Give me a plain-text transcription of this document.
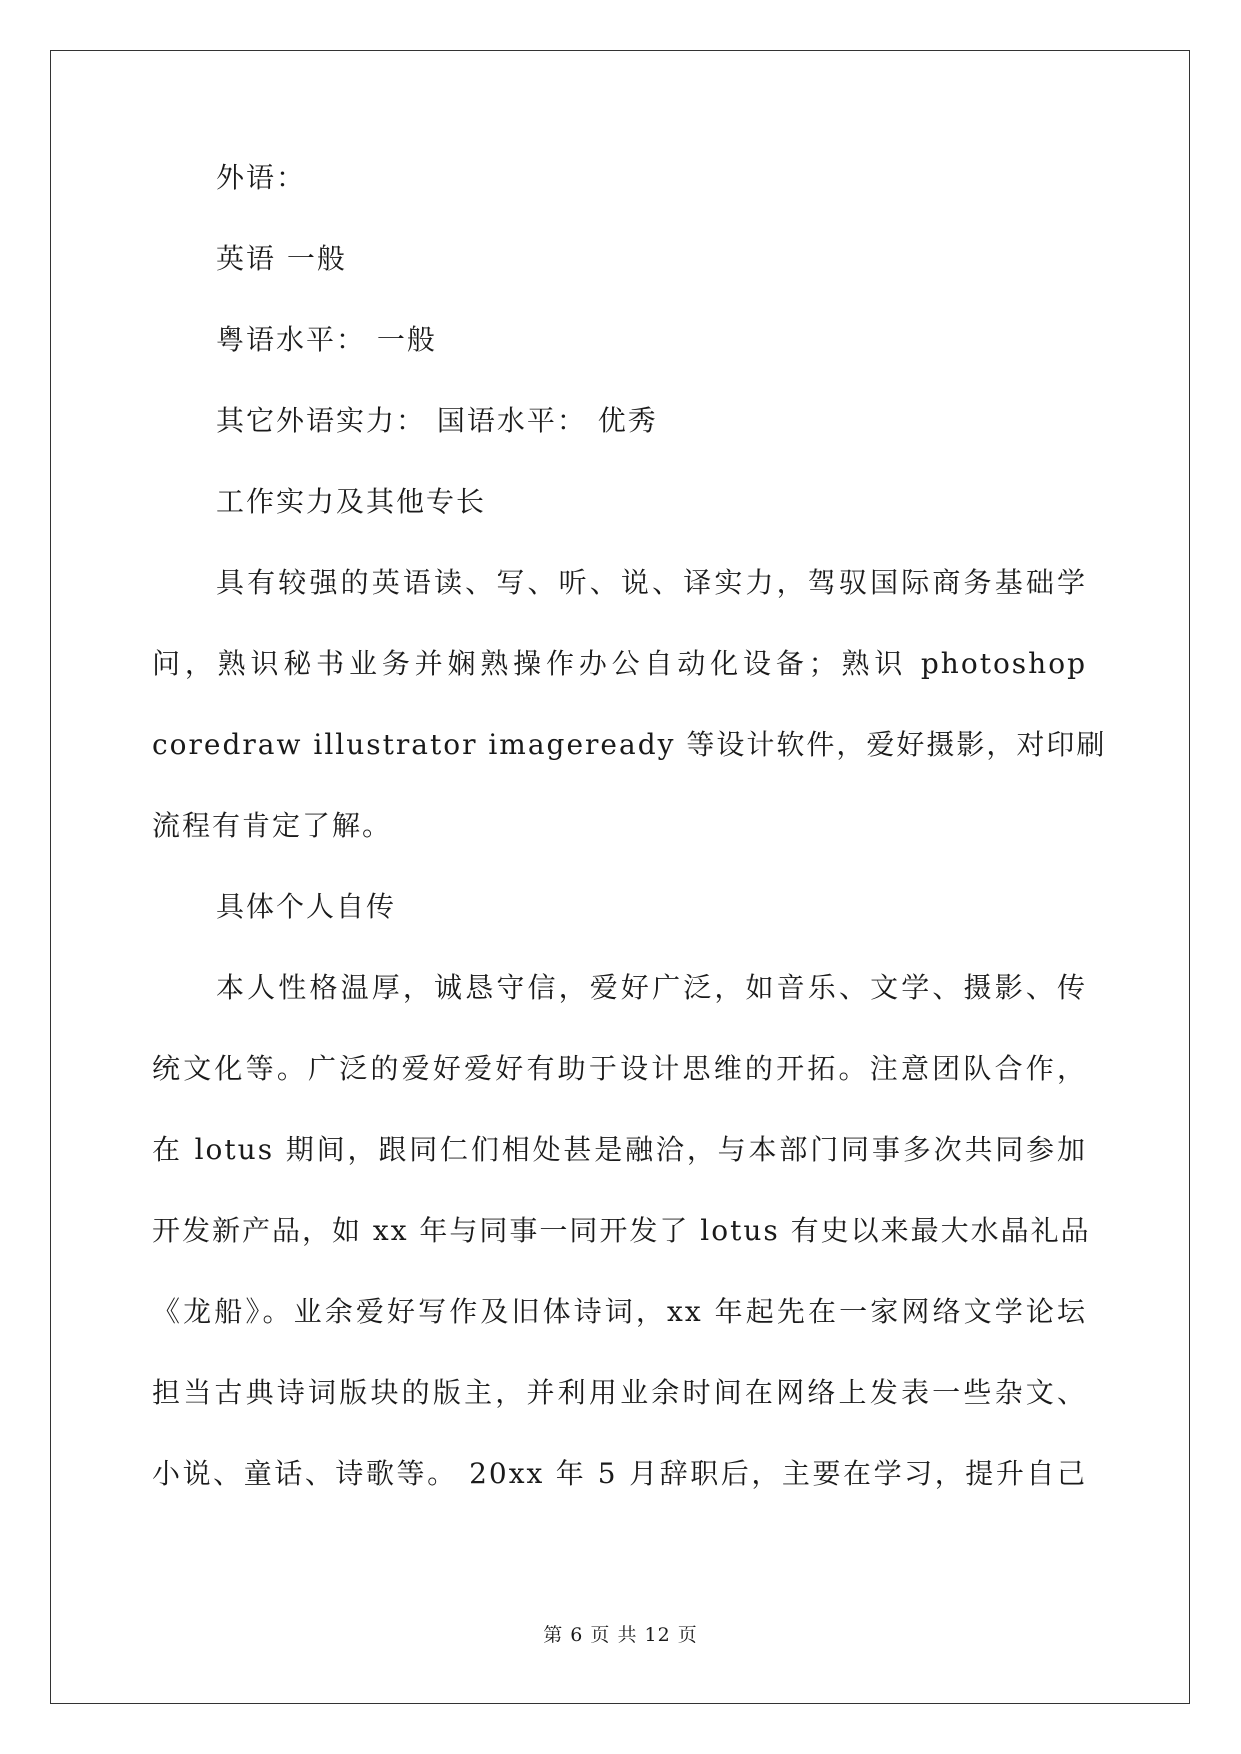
外语：
英语 一般
粤语水平： 一般
其它外语实力： 国语水平： 优秀
工作实力及其他专长
具有较强的英语读、写、听、说、译实力，驾驭国际商务基础学
问，熟识秘书业务并娴熟操作办公自动化设备；熟识 photoshop
coredraw illustrator imageready 等设计软件，爱好摄影，对印刷
流程有肯定了解。
具体个人自传
本人性格温厚，诚恳守信，爱好广泛，如音乐、文学、摄影、传
统文化等。广泛的爱好爱好有助于设计思维的开拓。注意团队合作，
在 lotus 期间，跟同仁们相处甚是融洽，与本部门同事多次共同参加
开发新产品，如 xx 年与同事一同开发了 lotus 有史以来最大水晶礼品
《龙船》。业余爱好写作及旧体诗词，xx 年起先在一家网络文学论坛
担当古典诗词版块的版主，并利用业余时间在网络上发表一些杂文、
小说、童话、诗歌等。 20xx 年 5 月辞职后，主要在学习，提升自己
第 6 页 共 12 页
